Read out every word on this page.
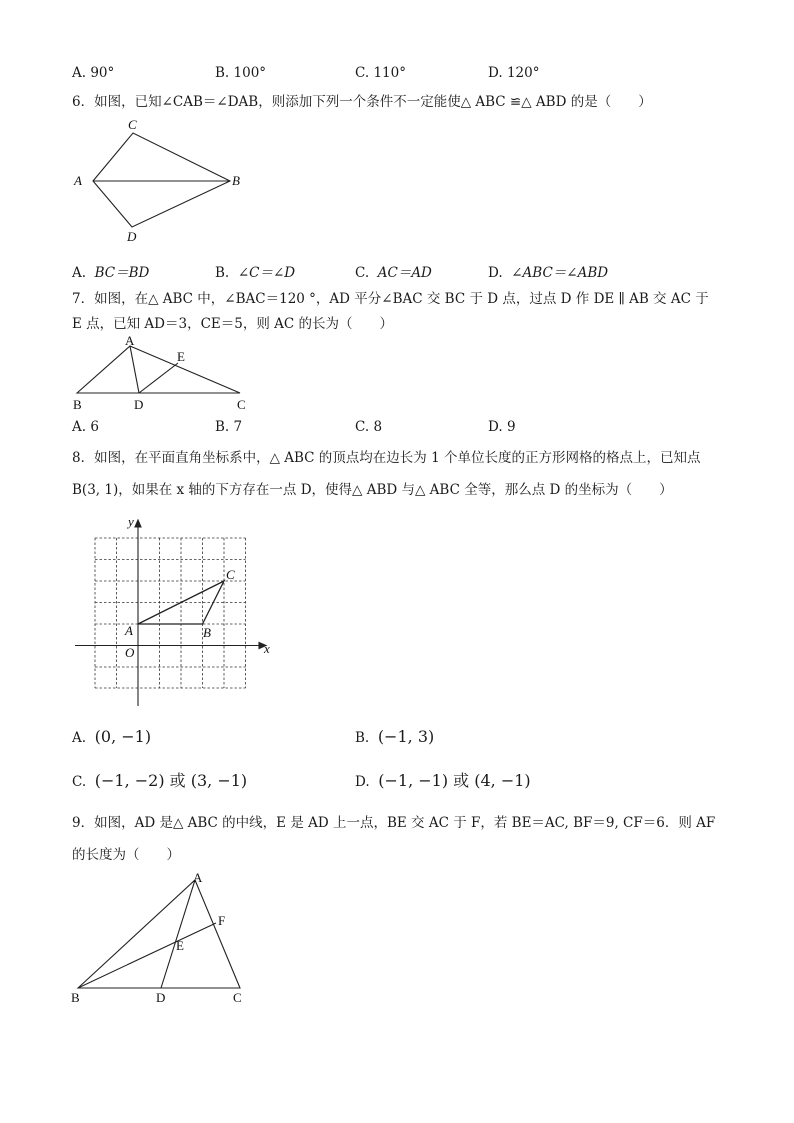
A. 90°	B. 100°	C. 110°	D. 120°
6．如图，已知∠CAB＝∠DAB，则添加下列一个条件不一定能使△ ABC ≌△ ABD 的是（　　）
C
A	B
D
A. BC＝BD	B. ∠C＝∠D	C. AC＝AD	D. ∠ABC＝∠ABD
7．如图，在△ ABC 中，∠BAC＝120 °，AD 平分∠BAC 交 BC 于 D 点，过点 D 作 DE ∥ AB 交 AC 于
E 点，已知 AD＝3，CE＝5，则 AC 的长为（　　）
A
E
B	D	C
A. 6	B. 7	C. 8	D. 9
8．如图，在平面直角坐标系中，△ ABC 的顶点均在边长为 1 个单位长度的正方形网格的格点上，已知点
B(3, 1)，如果在 x 轴的下方存在一点 D，使得△ ABD 与△ ABC 全等，那么点 D 的坐标为（　　）
y
x
O
A	B
C
A. (0, −1)	B. (−1, 3)
C. (−1, −2) 或 (3, −1)	D. (−1, −1) 或 (4, −1)
9．如图，AD 是△ ABC 的中线，E 是 AD 上一点，BE 交 AC 于 F，若 BE＝AC, BF＝9, CF＝6．则 AF
的长度为（　　）
A
F
E
B	D	C
